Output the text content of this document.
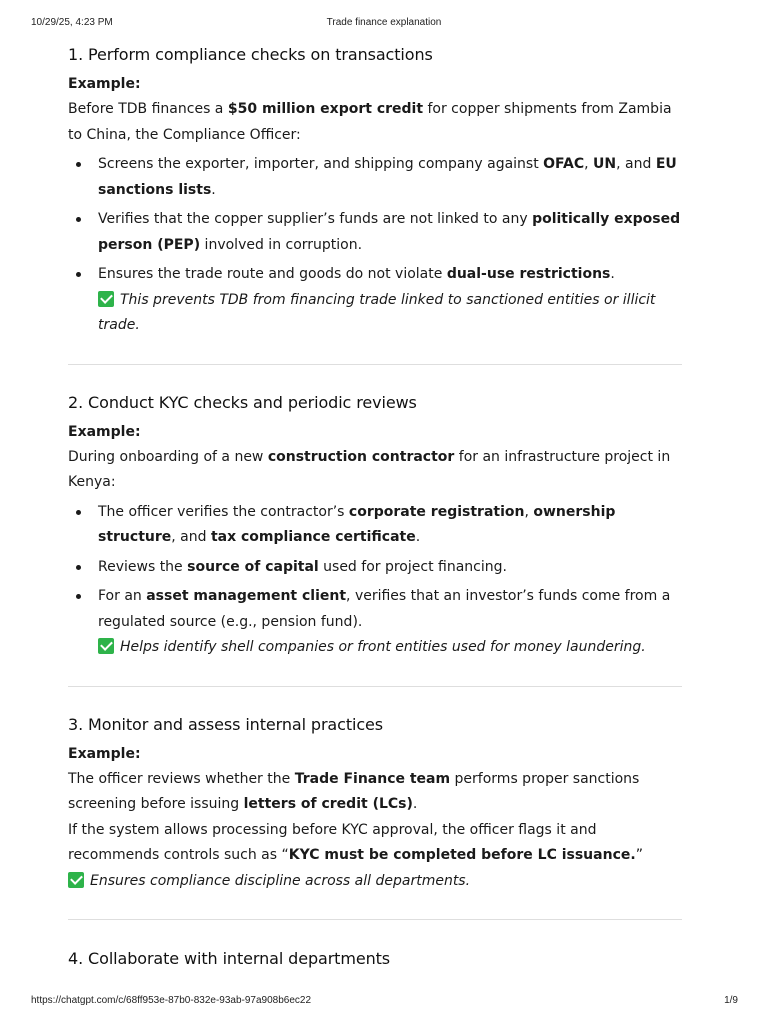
10/29/25, 4:23 PM	Trade finance explanation
1. Perform compliance checks on transactions
Example:

Before TDB finances a $50 million export credit for copper shipments from Zambia to China, the Compliance Officer:

Screens the exporter, importer, and shipping company against OFAC, UN, and EU sanctions lists.
Verifies that the copper supplier’s funds are not linked to any politically exposed person (PEP) involved in corruption.
Ensures the trade route and goods do not violate dual-use restrictions.
This prevents TDB from financing trade linked to sanctioned entities or illicit trade.
2. Conduct KYC checks and periodic reviews
Example:

During onboarding of a new construction contractor for an infrastructure project in Kenya:

The officer verifies the contractor’s corporate registration, ownership structure, and tax compliance certificate.
Reviews the source of capital used for project financing.
For an asset management client, verifies that an investor’s funds come from a regulated source (e.g., pension fund).
Helps identify shell companies or front entities used for money laundering.
3. Monitor and assess internal practices
Example:

The officer reviews whether the Trade Finance team performs proper sanctions screening before issuing letters of credit (LCs).

If the system allows processing before KYC approval, the officer flags it and recommends controls such as “KYC must be completed before LC issuance.”

Ensures compliance discipline across all departments.
4. Collaborate with internal departments
https://chatgpt.com/c/68ff953e-87b0-832e-93ab-97a908b6ec22	1/9
